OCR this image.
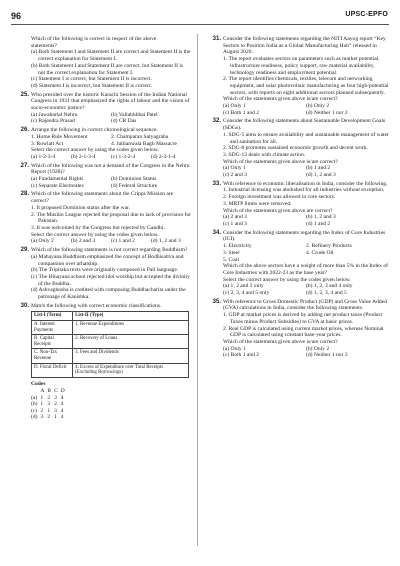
96	UPSC-EPFO
Which of the following is correct in respect of the above
statements?
(a) Both Statement I and Statement II are correct and Statement II is the correct explanation for Statement I.
(b) Both Statement I and Statement II are correct, but Statement II is not the correct explanation for Statement I.
(c) Statement I is correct, but Statement II is incorrect.
(d) Statement I is incorrect, but Statement II is correct.
25. Who presided over the historic Karachi Session of the Indian National Congress in 1931 that emphasized the rights of labour and the vision of socio-economic justice?
(a) Jawaharlal Nehru	(b) Vallabhbhai Patel
(c) Rajendra Prasad	(d) CR Das
26. Arrange the following in correct chronological sequence.
1. Home Rule Movement	2. Champaran Satyagraha
3. Rowlatt Act	4. Jallianwala Bagh Massacre
Select the correct answer by using the codes given below.
(a) 1-2-3-4	(b) 2-1-3-4	(c) 1-3-2-4	(d) 2-3-1-4
27. Which of the following was not a demand of the Congress in the Nehru Report (1928)?
(a) Fundamental Rights	(b) Dominion Status
(c) Separate Electorates	(d) Federal Structure
28. Which of the following statements about the Cripps Mission are correct?
1. It proposed Dominion status after the war.
2. The Muslim League rejected the proposal due to lack of provision for Pakistan.
3. It was welcomed by the Congress but rejected by Gandhi.
Select the correct answer by using the codes given below.
(a) Only 2	(b) 2 and 3	(c) 1 and 2	(d) 1, 2 and 3
29. Which of the following statements is not correct regarding Buddhism?
(a) Mahayana Buddhism emphasized the concept of Bodhisattva and compassion over arhatship.
(b) The Tripitaka texts were originally composed in Pali language.
(c) The Hinayana school rejected idol worship but accepted the divinity of the Buddha.
(d) Ashvaghosha is credited with composing Buddhacharita under the patronage of Kanishka.
30. Match the following with correct economic classifications.
List-I (Term)	List-II (Type)
A. Interest Payments	1. Revenue Expenditures
B. Capital Receipts	2. Recovery of Loans
C. Non-Tax Revenue	3. Fees and Dividends
D. Fiscal Deficit	4. Excess of Expenditure over Total Receipts (Excluding Borrowings)
Codes
	A	B	C	D
(a)	1	2	3	4
(b)	1	3	2	4
(c)	2	1	3	4
(d)	3	2	1	4
31. Consider the following statements regarding the NITI Aayog report “Key Sectors to Position India as a Global Manufacturing Hub” released in August 2026.
1. The report evaluates sectors on parameters such as market potential, infrastructure readiness, policy support, raw material availability, technology readiness and employment potential.
2. The report identifies chemicals, textiles, telecom and networking equipment, and solar photovoltaic manufacturing as four high-potential sectors, with reports on eight additional sectors planned subsequently.
Which of the statements given above is/are correct?
(a) Only 1	(b) Only 2
(c) Both 1 and 2	(d) Neither 1 nor 2
32. Consider the following statements about Sustainable Development Goals (SDGs).
1. SDG-5 aims to ensure availability and sustainable management of water and sanitation for all.
2. SDG-8 promotes sustained economic growth and decent work.
3. SDG-13 deals with climate action.
Which of the statements given above is/are correct?
(a) Only 1	(b) 1 and 2
(c) 2 and 3	(d) 1, 2 and 3
33. With reference to economic liberalisation in India, consider the following.
1. Industrial licensing was abolished for all industries without exception.
2. Foreign investment was allowed in core sectors.
3. MRTP limits were removed.
Which of the statements given above are correct?
(a) 2 and 3	(b) 1, 2 and 3
(c) 1 and 3	(d) 1 and 2
34. Consider the following statements regarding the Index of Core Industries (ICI).
1. Electricity	2. Refinery Products
3. Steel	4. Crude Oil
5. Coal
Which of the above sectors have a weight of more than 5% in the Index of Core Industries with 2022-23 as the base year?
Select the correct answer by using the codes given below.
(a) 1, 2 and 3 only	(b) 1, 2, 3 and 4 only
(c) 2, 3, 4 and 5 only	(d) 1, 2, 3, 4 and 5
35. With reference to Gross Domestic Product (GDP) and Gross Value Added (GVA) calculations in India, consider the following statements.
1. GDP at market prices is derived by adding net product taxes (Product Taxes minus Product Subsidies) to GVA at basic prices.
2. Real GDP is calculated using current market prices, whereas Nominal GDP is calculated using constant base-year prices.
Which of the statements given above is/are correct?
(a) Only 1	(b) Only 2
(c) Both 1 and 2	(d) Neither 1 nor 2
